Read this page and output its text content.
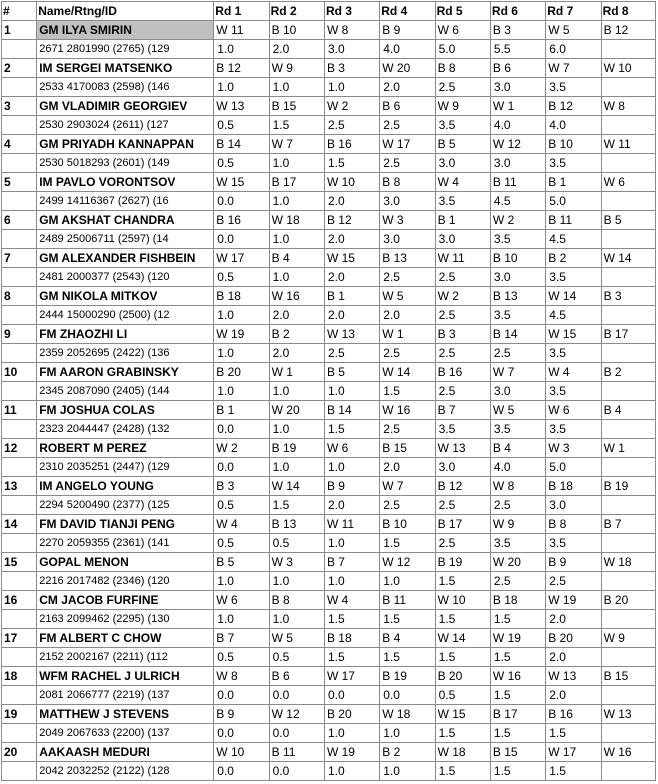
#	Name/Rtng/ID	Rd 1	Rd 2	Rd 3	Rd 4	Rd 5	Rd 6	Rd 7	Rd 8
1	GM ILYA SMIRIN	W 11	B 10	W 8	B 9	W 6	B 3	W 5	B 12
	2671 2801990 (2765) (129	1.0	2.0	3.0	4.0	5.0	5.5	6.0	
2	IM SERGEI MATSENKO	B 12	W 9	B 3	W 20	B 8	B 6	W 7	W 10
	2533 4170083 (2598) (146	1.0	1.0	1.0	2.0	2.5	3.0	3.5	
3	GM VLADIMIR GEORGIEV	W 13	B 15	W 2	B 6	W 9	W 1	B 12	W 8
	2530 2903024 (2611) (127	0.5	1.5	2.5	2.5	3.5	4.0	4.0	
4	GM PRIYADH KANNAPPAN	B 14	W 7	B 16	W 17	B 5	W 12	B 10	W 11
	2530 5018293 (2601) (149	0.5	1.0	1.5	2.5	3.0	3.0	3.5	
5	IM PAVLO VORONTSOV	W 15	B 17	W 10	B 8	W 4	B 11	B 1	W 6
	2499 14116367 (2627) (16	0.0	1.0	2.0	3.0	3.5	4.5	5.0	
6	GM AKSHAT CHANDRA	B 16	W 18	B 12	W 3	B 1	W 2	B 11	B 5
	2489 25006711 (2597) (14	0.0	1.0	2.0	3.0	3.0	3.5	4.5	
7	GM ALEXANDER FISHBEIN	W 17	B 4	W 15	B 13	W 11	B 10	B 2	W 14
	2481 2000377 (2543) (120	0.5	1.0	2.0	2.5	2.5	3.0	3.5	
8	GM NIKOLA MITKOV	B 18	W 16	B 1	W 5	W 2	B 13	W 14	B 3
	2444 15000290 (2500) (12	1.0	2.0	2.0	2.0	2.5	3.5	4.5	
9	FM ZHAOZHI LI	W 19	B 2	W 13	W 1	B 3	B 14	W 15	B 17
	2359 2052695 (2422) (136	1.0	2.0	2.5	2.5	2.5	2.5	3.5	
10	FM AARON GRABINSKY	B 20	W 1	B 5	W 14	B 16	W 7	W 4	B 2
	2345 2087090 (2405) (144	1.0	1.0	1.0	1.5	2.5	3.0	3.5	
11	FM JOSHUA COLAS	B 1	W 20	B 14	W 16	B 7	W 5	W 6	B 4
	2323 2044447 (2428) (132	0.0	1.0	1.5	2.5	3.5	3.5	3.5	
12	ROBERT M PEREZ	W 2	B 19	W 6	B 15	W 13	B 4	W 3	W 1
	2310 2035251 (2447) (129	0.0	1.0	1.0	2.0	3.0	4.0	5.0	
13	IM ANGELO YOUNG	B 3	W 14	B 9	W 7	B 12	W 8	B 18	B 19
	2294 5200490 (2377) (125	0.5	1.5	2.0	2.5	2.5	2.5	3.0	
14	FM DAVID TIANJI PENG	W 4	B 13	W 11	B 10	B 17	W 9	B 8	B 7
	2270 2059355 (2361) (141	0.5	0.5	1.0	1.5	2.5	3.5	3.5	
15	GOPAL MENON	B 5	W 3	B 7	W 12	B 19	W 20	B 9	W 18
	2216 2017482 (2346) (120	1.0	1.0	1.0	1.0	1.5	2.5	2.5	
16	CM JACOB FURFINE	W 6	B 8	W 4	B 11	W 10	B 18	W 19	B 20
	2163 2099462 (2295) (130	1.0	1.0	1.5	1.5	1.5	1.5	2.0	
17	FM ALBERT C CHOW	B 7	W 5	B 18	B 4	W 14	W 19	B 20	W 9
	2152 2002167 (2211) (112	0.5	0.5	1.5	1.5	1.5	1.5	2.0	
18	WFM RACHEL J ULRICH	W 8	B 6	W 17	B 19	B 20	W 16	W 13	B 15
	2081 2066777 (2219) (137	0.0	0.0	0.0	0.0	0.5	1.5	2.0	
19	MATTHEW J STEVENS	B 9	W 12	B 20	W 18	W 15	B 17	B 16	W 13
	2049 2067633 (2200) (137	0.0	0.0	1.0	1.0	1.5	1.5	1.5	
20	AAKAASH MEDURI	W 10	B 11	W 19	B 2	W 18	B 15	W 17	W 16
	2042 2032252 (2122) (128	0.0	0.0	1.0	1.0	1.5	1.5	1.5	
